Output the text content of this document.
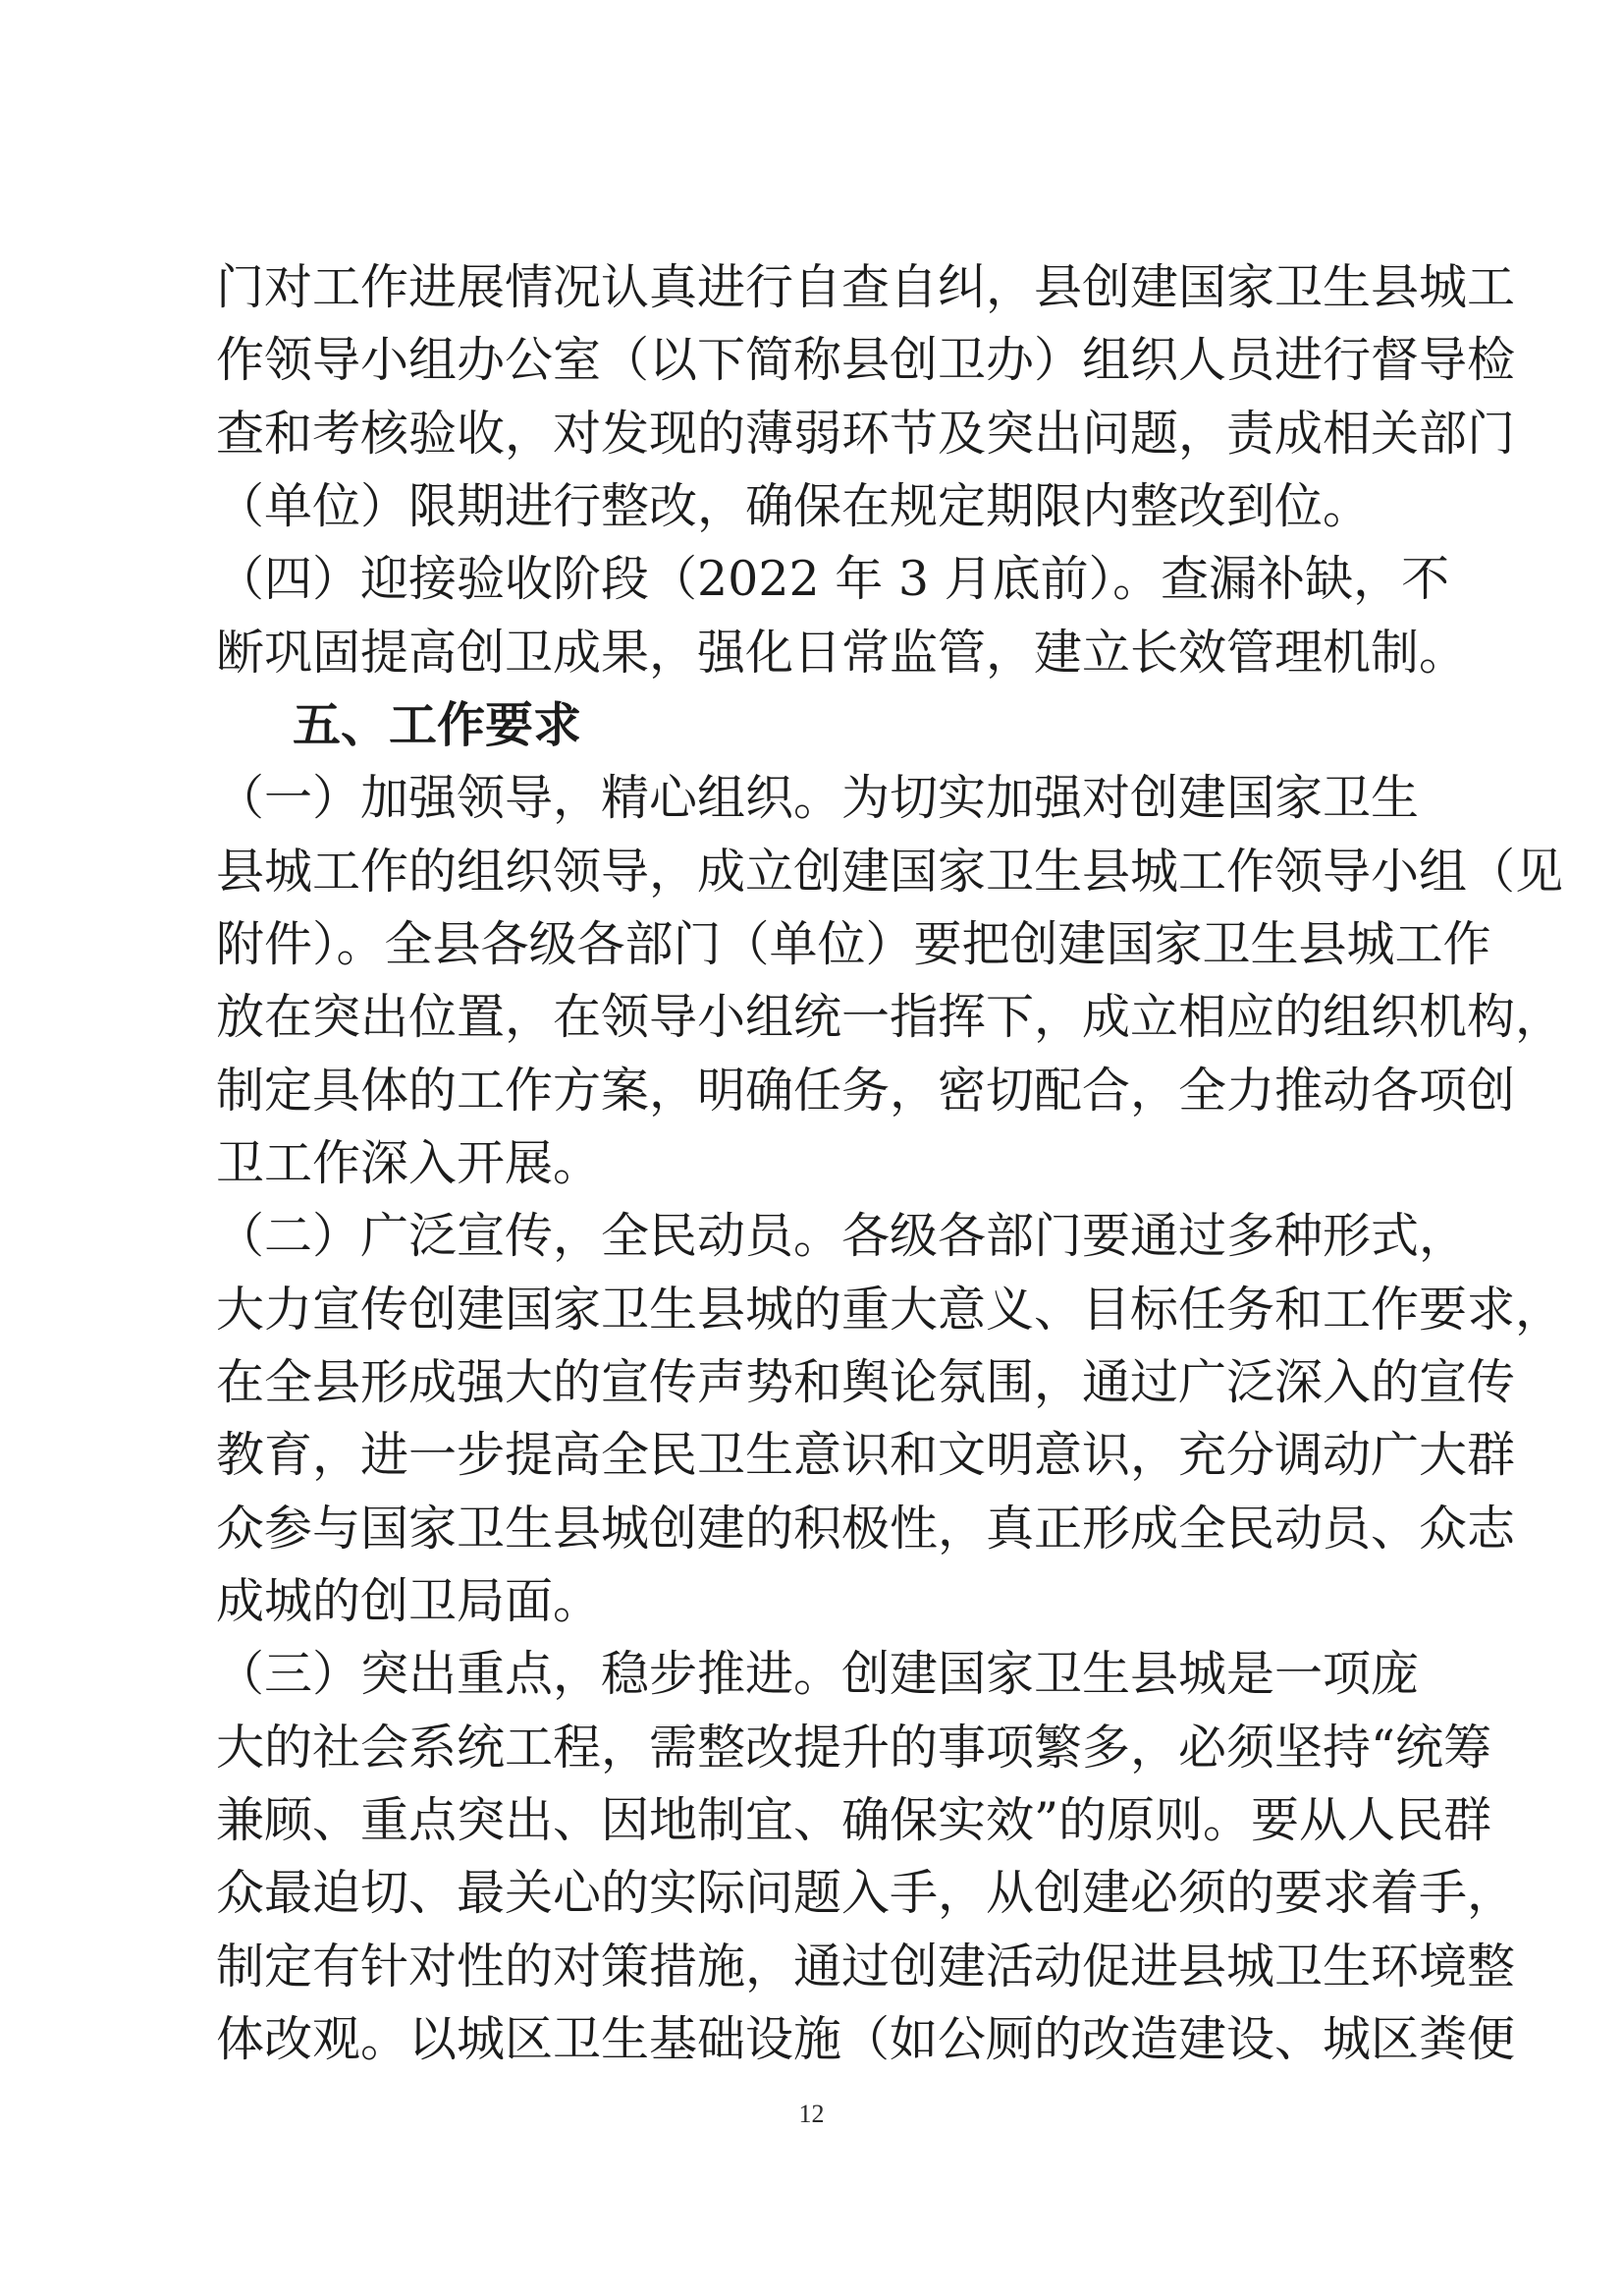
门对工作进展情况认真进行自查自纠，县创建国家卫生县城工
作领导小组办公室（以下简称县创卫办）组织人员进行督导检
查和考核验收，对发现的薄弱环节及突出问题，责成相关部门
（单位）限期进行整改，确保在规定期限内整改到位。
（四）迎接验收阶段（2022 年 3 月底前）。查漏补缺，不
断巩固提高创卫成果，强化日常监管，建立长效管理机制。
五、工作要求
（一）加强领导，精心组织。为切实加强对创建国家卫生
县城工作的组织领导，成立创建国家卫生县城工作领导小组（见
附件）。全县各级各部门（单位）要把创建国家卫生县城工作
放在突出位置，在领导小组统一指挥下，成立相应的组织机构，
制定具体的工作方案，明确任务，密切配合，全力推动各项创
卫工作深入开展。
（二）广泛宣传，全民动员。各级各部门要通过多种形式，
大力宣传创建国家卫生县城的重大意义、目标任务和工作要求，
在全县形成强大的宣传声势和舆论氛围，通过广泛深入的宣传
教育，进一步提高全民卫生意识和文明意识，充分调动广大群
众参与国家卫生县城创建的积极性，真正形成全民动员、众志
成城的创卫局面。
（三）突出重点，稳步推进。创建国家卫生县城是一项庞
大的社会系统工程，需整改提升的事项繁多，必须坚持“统筹
兼顾、重点突出、因地制宜、确保实效”的原则。要从人民群
众最迫切、最关心的实际问题入手，从创建必须的要求着手，
制定有针对性的对策措施，通过创建活动促进县城卫生环境整
体改观。以城区卫生基础设施（如公厕的改造建设、城区粪便
12
